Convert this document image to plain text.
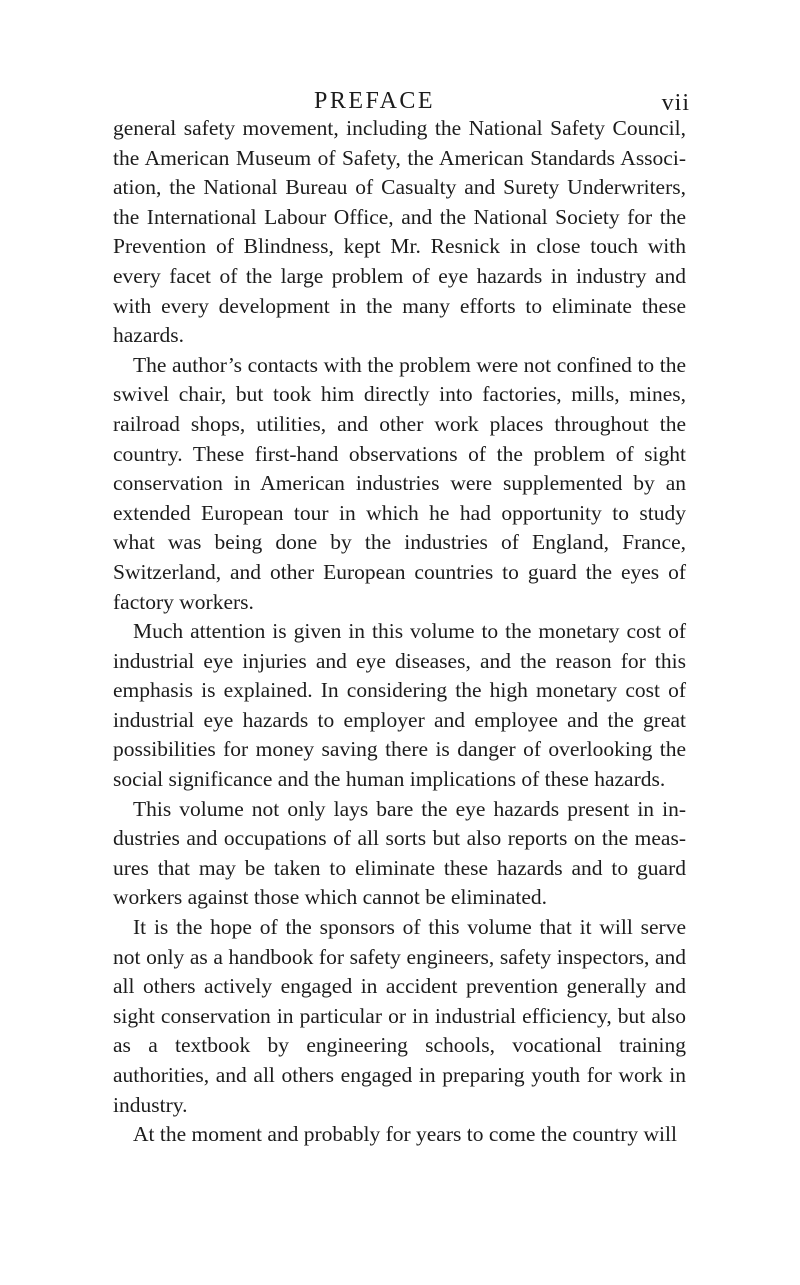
PREFACE	vii

general safety movement, including the National Safety Council, the American Museum of Safety, the American Standards Association, the National Bureau of Casualty and Surety Underwriters, the International Labour Office, and the National Society for the Prevention of Blindness, kept Mr. Resnick in close touch with every facet of the large problem of eye hazards in industry and with every development in the many efforts to eliminate these hazards.

The author’s contacts with the problem were not confined to the swivel chair, but took him directly into factories, mills, mines, railroad shops, utilities, and other work places throughout the country. These first-hand observations of the problem of sight conservation in American industries were supplemented by an extended European tour in which he had opportunity to study what was being done by the industries of England, France, Switzerland, and other European countries to guard the eyes of factory workers.

Much attention is given in this volume to the monetary cost of industrial eye injuries and eye diseases, and the reason for this emphasis is explained. In considering the high monetary cost of industrial eye hazards to employer and employee and the great possibilities for money saving there is danger of overlooking the social significance and the human implications of these hazards.

This volume not only lays bare the eye hazards present in industries and occupations of all sorts but also reports on the measures that may be taken to eliminate these hazards and to guard workers against those which cannot be eliminated.

It is the hope of the sponsors of this volume that it will serve not only as a handbook for safety engineers, safety inspectors, and all others actively engaged in accident prevention generally and sight conservation in particular or in industrial efficiency, but also as a textbook by engineering schools, vocational training authorities, and all others engaged in preparing youth for work in industry.

At the moment and probably for years to come the country will
